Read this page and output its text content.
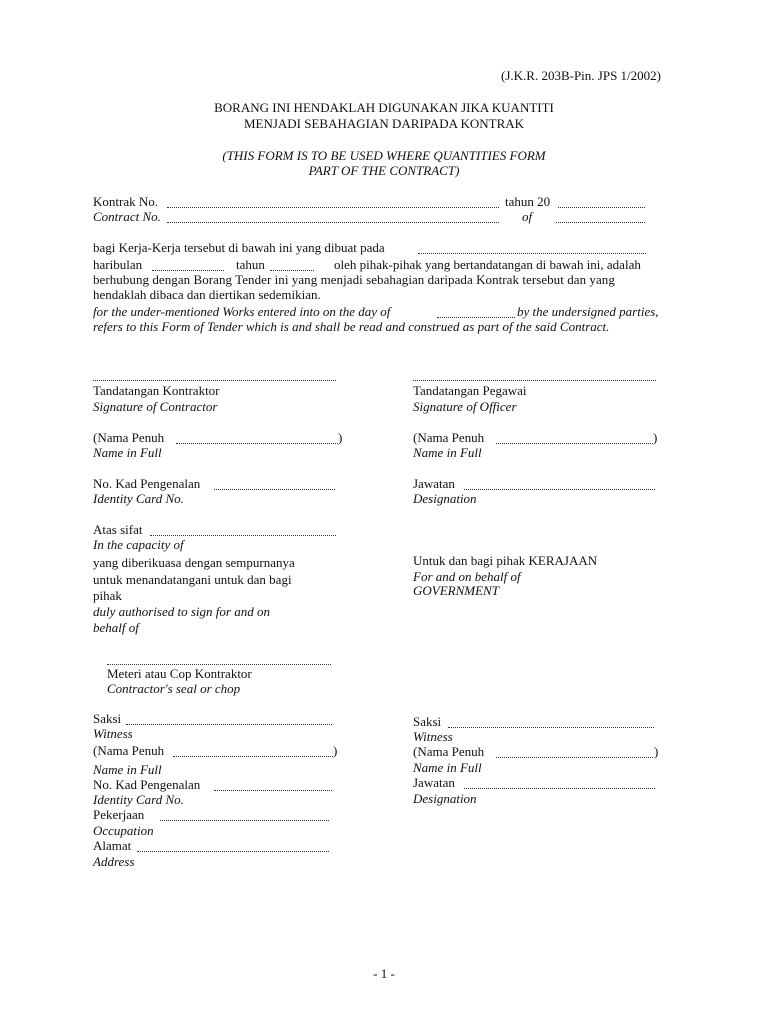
(J.K.R. 203B-Pin. JPS 1/2002)
BORANG INI HENDAKLAH DIGUNAKAN JIKA KUANTITI
MENJADI SEBAHAGIAN DARIPADA KONTRAK
(THIS FORM IS TO BE USED WHERE QUANTITIES FORM
PART OF THE CONTRACT)
Kontrak No.	tahun 20
Contract No.	of
bagi Kerja-Kerja tersebut di bawah ini yang dibuat pada
haribulan	tahun	oleh pihak-pihak yang bertandatangan di bawah ini, adalah
berhubung dengan Borang Tender ini yang menjadi sebahagian daripada Kontrak tersebut dan yang
hendaklah dibaca dan diertikan sedemikian.
for the under-mentioned Works entered into on the day of	by the undersigned parties,
refers to this Form of Tender which is and shall be read and construed as part of the said Contract.
Tandatangan Kontraktor
Signature of Contractor
(Nama Penuh	)
Name in Full
No. Kad Pengenalan
Identity Card No.
Atas sifat
In the capacity of
yang diberikuasa dengan sempurnanya
untuk menandatangani untuk dan bagi
pihak
duly authorised to sign for and on
behalf of
Meteri atau Cop Kontraktor
Contractor's seal or chop
Saksi
Witness
(Nama Penuh	)
Name in Full
No. Kad Pengenalan
Identity Card No.
Pekerjaan
Occupation
Alamat
Address
Tandatangan Pegawai
Signature of Officer
(Nama Penuh	)
Name in Full
Jawatan
Designation
Untuk dan bagi pihak KERAJAAN
For and on behalf of
GOVERNMENT
Saksi
Witness
(Nama Penuh	)
Name in Full
Jawatan
Designation
- 1 -
